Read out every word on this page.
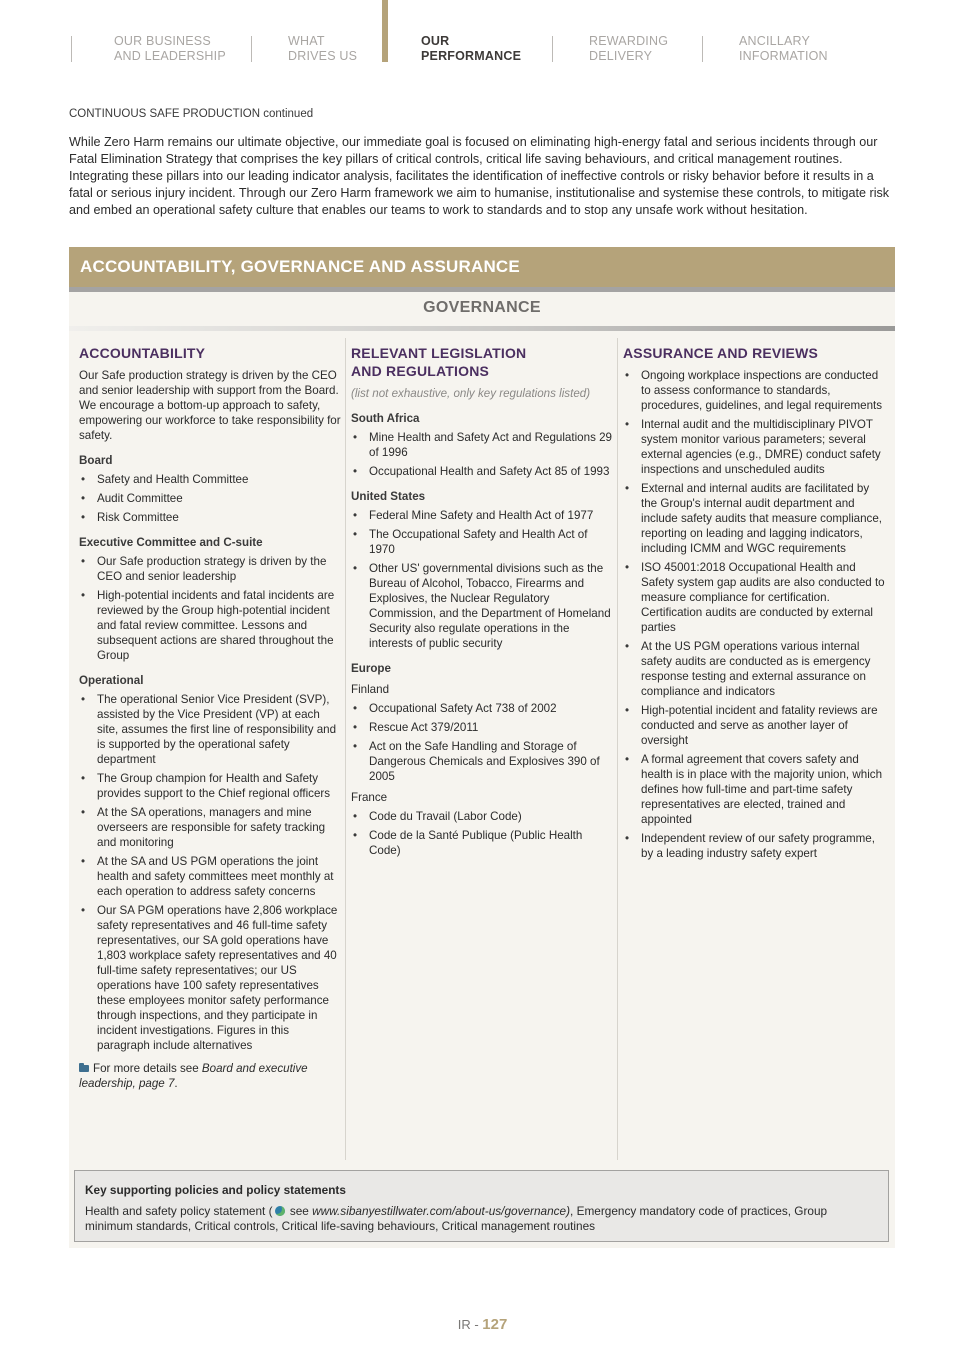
OUR BUSINESS
AND LEADERSHIP
WHAT
DRIVES US
OUR
PERFORMANCE
REWARDING
DELIVERY
ANCILLARY
INFORMATION
CONTINUOUS SAFE PRODUCTION continued

While Zero Harm remains our ultimate objective, our immediate goal is focused on eliminating high-energy fatal and serious incidents through our Fatal Elimination Strategy that comprises the key pillars of critical controls, critical life saving behaviours, and critical management routines. Integrating these pillars into our leading indicator analysis, facilitates the identification of ineffective controls or risky behavior before it results in a fatal or serious injury incident. Through our Zero Harm framework we aim to humanise, institutionalise and systemise these controls, to mitigate risk and embed an operational safety culture that enables our teams to work to standards and to stop any unsafe work without hesitation.

ACCOUNTABILITY, GOVERNANCE AND ASSURANCE
GOVERNANCE
ACCOUNTABILITY

Our Safe production strategy is driven by the CEO and senior leadership with support from the Board. We encourage a bottom-up approach to safety, empowering our workforce to take responsibility for safety.

Board
• Safety and Health Committee
• Audit Committee
• Risk Committee
Executive Committee and C-suite
• Our Safe production strategy is driven by the CEO and senior leadership
• High-potential incidents and fatal incidents are reviewed by the Group high-potential incident and fatal review committee. Lessons and subsequent actions are shared throughout the Group
Operational
• The operational Senior Vice President (SVP), assisted by the Vice President (VP) at each site, assumes the first line of responsibility and is supported by the operational safety department
• The Group champion for Health and Safety provides support to the Chief regional officers
• At the SA operations, managers and mine overseers are responsible for safety tracking and monitoring
• At the SA and US PGM operations the joint health and safety committees meet monthly at each operation to address safety concerns
• Our SA PGM operations have 2,806 workplace safety representatives and 46 full-time safety representatives, our SA gold operations have 1,803 workplace safety representatives and 40 full-time safety representatives; our US operations have 100 safety representatives these employees monitor safety performance through inspections, and they participate in incident investigations. Figures in this paragraph include alternatives
For more details see Board and executive leadership, page 7.
RELEVANT LEGISLATION
AND REGULATIONS
(list not exhaustive, only key regulations listed)
South Africa
• Mine Health and Safety Act and Regulations 29 of 1996
• Occupational Health and Safety Act 85 of 1993
United States
• Federal Mine Safety and Health Act of 1977
• The Occupational Safety and Health Act of 1970
• Other US' governmental divisions such as the Bureau of Alcohol, Tobacco, Firearms and Explosives, the Nuclear Regulatory Commission, and the Department of Homeland Security also regulate operations in the interests of public security
Europe
Finland
• Occupational Safety Act 738 of 2002
• Rescue Act 379/2011
• Act on the Safe Handling and Storage of Dangerous Chemicals and Explosives 390 of 2005
France
• Code du Travail (Labor Code)
• Code de la Santé Publique (Public Health Code)
ASSURANCE AND REVIEWS
• Ongoing workplace inspections are conducted to assess conformance to standards, procedures, guidelines, and legal requirements
• Internal audit and the multidisciplinary PIVOT system monitor various parameters; several external agencies (e.g., DMRE) conduct safety inspections and unscheduled audits
• External and internal audits are facilitated by the Group's internal audit department and include safety audits that measure compliance, reporting on leading and lagging indicators, including ICMM and WGC requirements
• ISO 45001:2018 Occupational Health and Safety system gap audits are also conducted to measure compliance for certification. Certification audits are conducted by external parties
• At the US PGM operations various internal safety audits are conducted as is emergency response testing and external assurance on compliance and indicators
• High-potential incident and fatality reviews are conducted and serve as another layer of oversight
• A formal agreement that covers safety and health is in place with the majority union, which defines how full-time and part-time safety representatives are elected, trained and appointed
• Independent review of our safety programme, by a leading industry safety expert
Key supporting policies and policy statements
Health and safety policy statement ( see www.sibanyestillwater.com/about-us/governance), Emergency mandatory code of practices, Group minimum standards, Critical controls, Critical life-saving behaviours, Critical management routines
IR - 127
